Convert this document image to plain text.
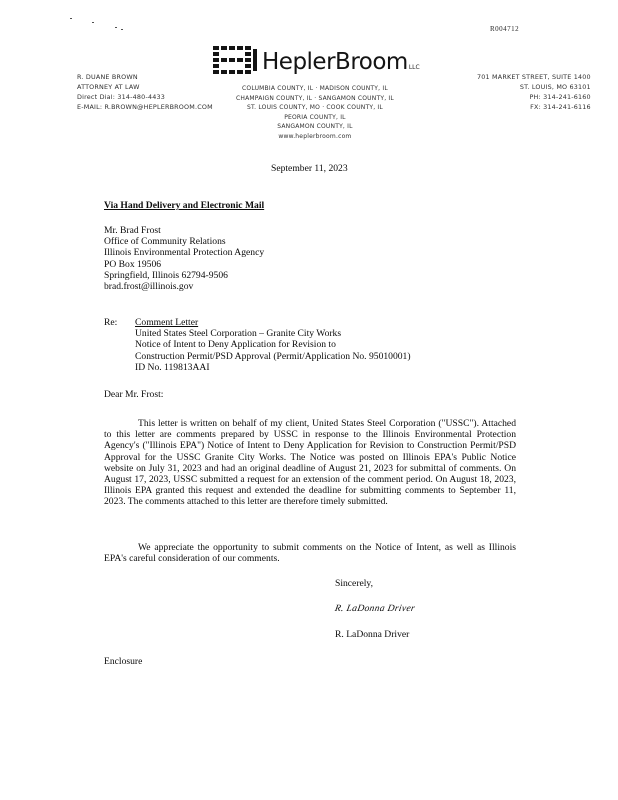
R004712
HeplerBroom LLC
R. DUANE BROWN
ATTORNEY AT LAW
Direct Dial: 314-480-4433
E-MAIL: R.BROWN@HEPLERBROOM.COM
COLUMBIA COUNTY, IL · MADISON COUNTY, IL
CHAMPAIGN COUNTY, IL · SANGAMON COUNTY, IL
ST. LOUIS COUNTY, MO · COOK COUNTY, IL
PEORIA COUNTY, IL
SANGAMON COUNTY, IL
www.heplerbroom.com
701 MARKET STREET, SUITE 1400
ST. LOUIS, MO 63101
PH: 314-241-6160
FX: 314-241-6116
September 11, 2023
Via Hand Delivery and Electronic Mail
Mr. Brad Frost
Office of Community Relations
Illinois Environmental Protection Agency
PO Box 19506
Springfield, Illinois 62794-9506
brad.frost@illinois.gov
Re: Comment Letter
United States Steel Corporation – Granite City Works
Notice of Intent to Deny Application for Revision to
Construction Permit/PSD Approval (Permit/Application No. 95010001)
ID No. 119813AAI
Dear Mr. Frost:
This letter is written on behalf of my client, United States Steel Corporation ("USSC"). Attached to this letter are comments prepared by USSC in response to the Illinois Environmental Protection Agency's ("Illinois EPA") Notice of Intent to Deny Application for Revision to Construction Permit/PSD Approval for the USSC Granite City Works. The Notice was posted on Illinois EPA's Public Notice website on July 31, 2023 and had an original deadline of August 21, 2023 for submittal of comments. On August 17, 2023, USSC submitted a request for an extension of the comment period. On August 18, 2023, Illinois EPA granted this request and extended the deadline for submitting comments to September 11, 2023. The comments attached to this letter are therefore timely submitted.
We appreciate the opportunity to submit comments on the Notice of Intent, as well as Illinois EPA's careful consideration of our comments.
Sincerely,
R. LaDonna Driver
R. LaDonna Driver
Enclosure
